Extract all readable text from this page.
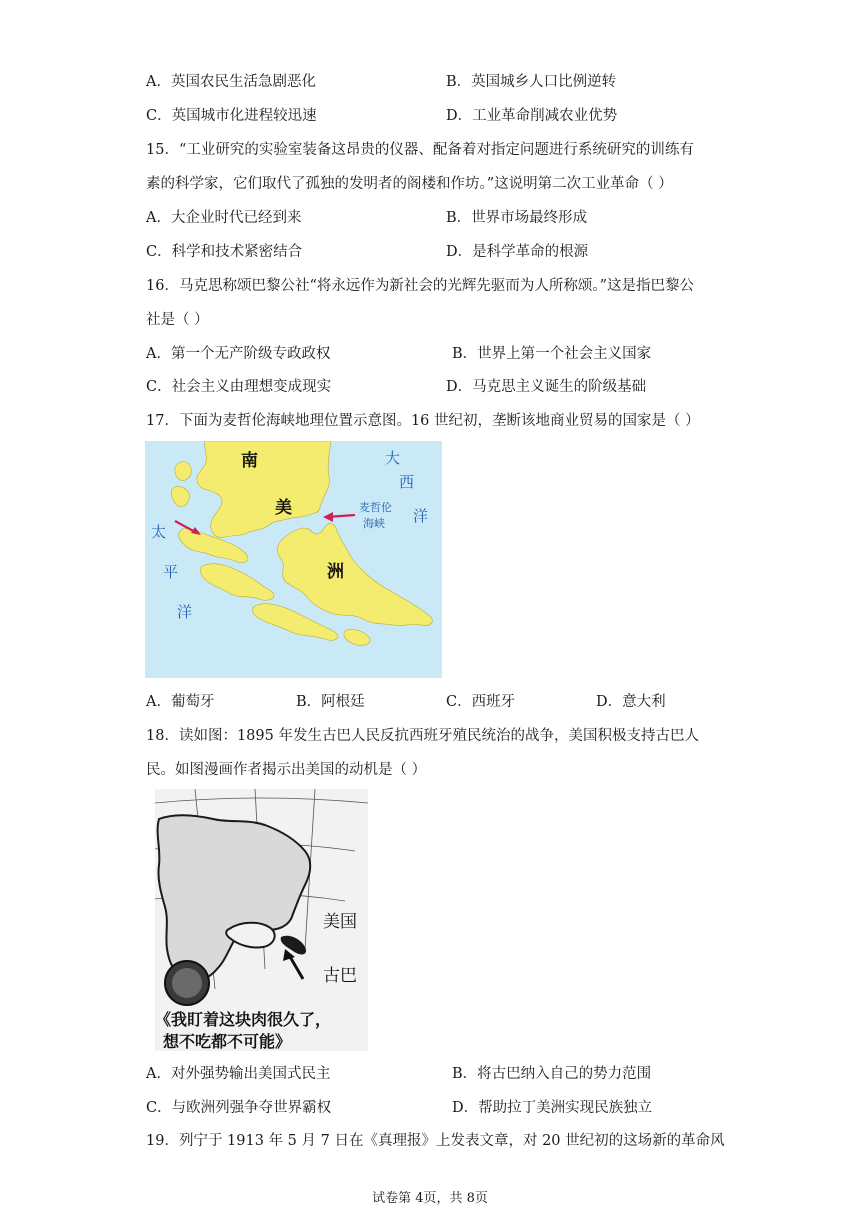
A．英国农民生活急剧恶化	B．英国城乡人口比例逆转
C．英国城市化进程较迅速	D．工业革命削减农业优势
15．“工业研究的实验室装备这昂贵的仪器、配备着对指定问题进行系统研究的训练有
素的科学家，它们取代了孤独的发明者的阁楼和作坊。”这说明第二次工业革命（ ）
A．大企业时代已经到来	B．世界市场最终形成
C．科学和技术紧密结合	D．是科学革命的根源
16．马克思称颂巴黎公社“将永远作为新社会的光辉先驱而为人所称颂。”这是指巴黎公
社是（ ）
A．第一个无产阶级专政政权	B．世界上第一个社会主义国家
C．社会主义由理想变成现实	D．马克思主义诞生的阶级基础
17．下面为麦哲伦海峡地理位置示意图。16 世纪初，垄断该地商业贸易的国家是（ ）
南
美
洲
大
西
洋
麦哲伦
海峡
太
平
洋
A．葡萄牙	B．阿根廷	C．西班牙	D．意大利
18．读如图：1895 年发生古巴人民反抗西班牙殖民统治的战争，美国积极支持古巴人
民。如图漫画作者揭示出美国的动机是（ ）
美国
古巴
《我盯着这块肉很久了，
想不吃都不可能》
A．对外强势输出美国式民主	B．将古巴纳入自己的势力范围
C．与欧洲列强争夺世界霸权	D．帮助拉丁美洲实现民族独立
19．列宁于 1913 年 5 月 7 日在《真理报》上发表文章，对 20 世纪初的这场新的革命风
试卷第 4页，共 8页
